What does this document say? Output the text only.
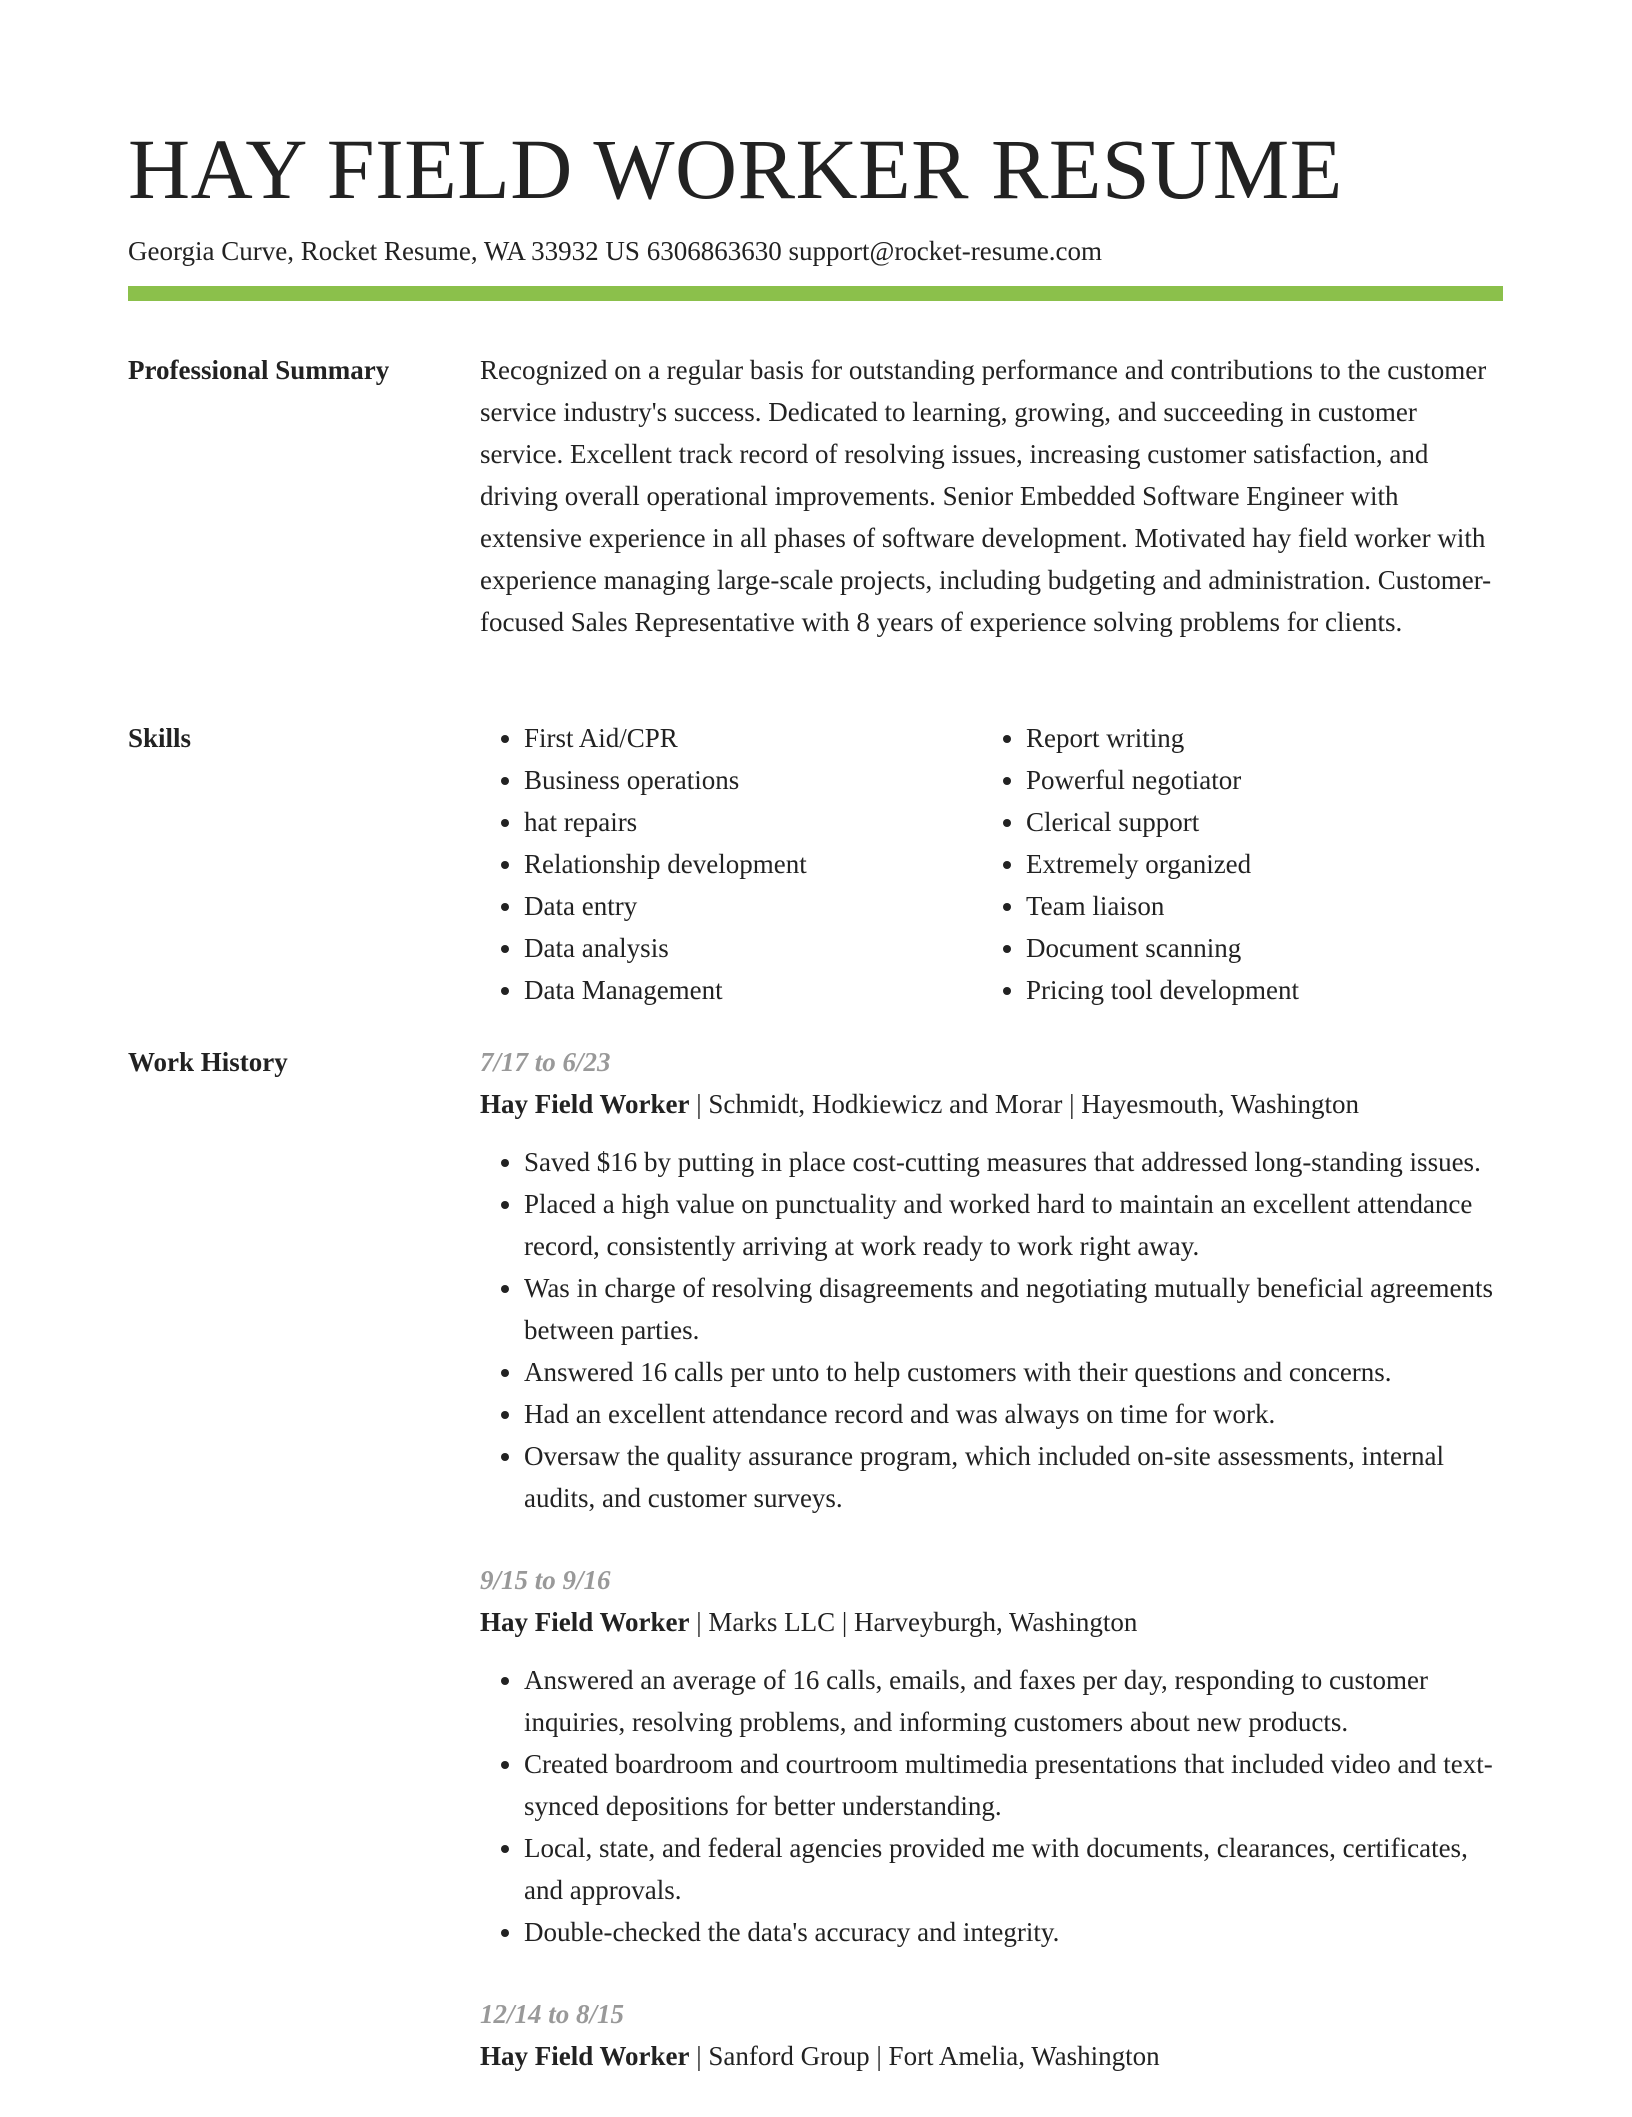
HAY FIELD WORKER RESUME
Georgia Curve, Rocket Resume, WA 33932 US 6306863630 support@rocket-resume.com
Professional Summary	Recognized on a regular basis for outstanding performance and contributions to the customer service industry's success. Dedicated to learning, growing, and succeeding in customer service. Excellent track record of resolving issues, increasing customer satisfaction, and driving overall operational improvements. Senior Embedded Software Engineer with extensive experience in all phases of software development. Motivated hay field worker with experience managing large-scale projects, including budgeting and administration. Customer-focused Sales Representative with 8 years of experience solving problems for clients.

Skills
•	First Aid/CPR
• Business operations
• hat repairs
• Relationship development
• Data entry
• Data analysis
• Data Management
• Report writing
• Powerful negotiator
• Clerical support
• Extremely organized
• Team liaison
• Document scanning
• Pricing tool development
Work History	7/17 to 6/23
Hay Field Worker | Schmidt, Hodkiewicz and Morar | Hayesmouth, Washington
• Saved $16 by putting in place cost-cutting measures that addressed long-standing issues.
• Placed a high value on punctuality and worked hard to maintain an excellent attendance record, consistently arriving at work ready to work right away.
• Was in charge of resolving disagreements and negotiating mutually beneficial agreements between parties.
• Answered 16 calls per unto to help customers with their questions and concerns.
• Had an excellent attendance record and was always on time for work.
• Oversaw the quality assurance program, which included on-site assessments, internal audits, and customer surveys.
9/15 to 9/16
Hay Field Worker | Marks LLC | Harveyburgh, Washington
• Answered an average of 16 calls, emails, and faxes per day, responding to customer inquiries, resolving problems, and informing customers about new products.
• Created boardroom and courtroom multimedia presentations that included video and text-synced depositions for better understanding.
• Local, state, and federal agencies provided me with documents, clearances, certificates, and approvals.
• Double-checked the data's accuracy and integrity.
12/14 to 8/15
Hay Field Worker | Sanford Group | Fort Amelia, Washington
